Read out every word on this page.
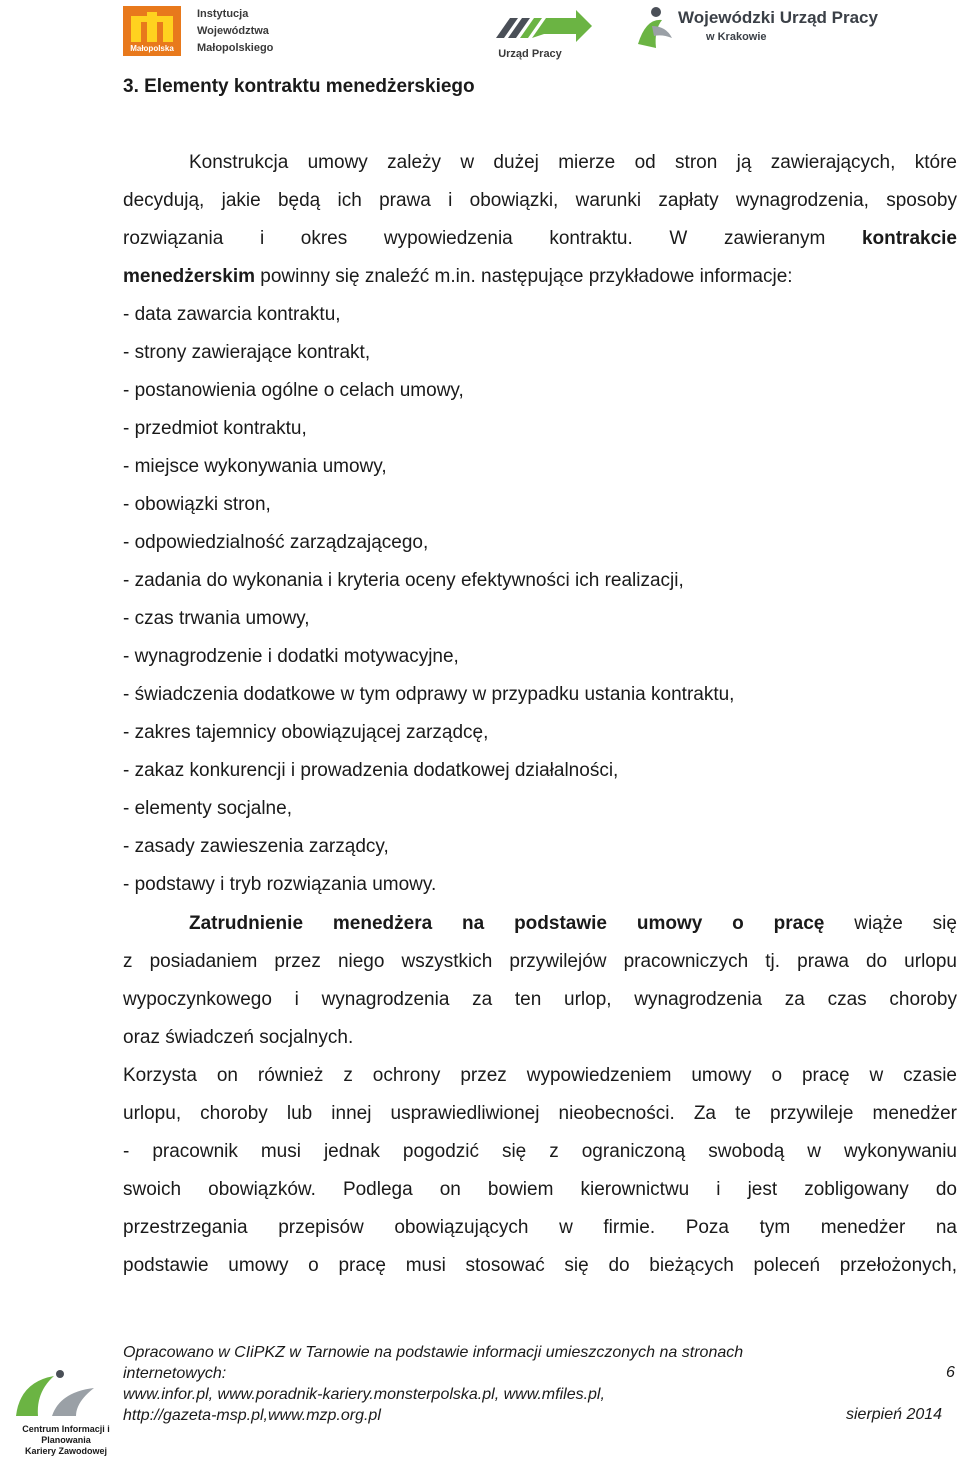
Małopolska
Instytucja
Województwa
Małopolskiego	Urząd Pracy
Wojewódzki Urząd Pracy
w Krakowie
3. Elementy kontraktu menedżerskiego

Konstrukcja umowy zależy w dużej mierze od stron ją zawierających, które

decydują, jakie będą ich prawa i obowiązki, warunki zapłaty wynagrodzenia, sposoby

rozwiązania i okres wypowiedzenia kontraktu. W zawieranym kontrakcie

menedżerskim powinny się znaleźć m.in. następujące przykładowe informacje:

- data zawarcia kontraktu,

- strony zawierające kontrakt,

- postanowienia ogólne o celach umowy,

- przedmiot kontraktu,

- miejsce wykonywania umowy,

- obowiązki stron,

- odpowiedzialność zarządzającego,

- zadania do wykonania i kryteria oceny efektywności ich realizacji,

- czas trwania umowy,

- wynagrodzenie i dodatki motywacyjne,

- świadczenia dodatkowe w tym odprawy w przypadku ustania kontraktu,

- zakres tajemnicy obowiązującej zarządcę,

- zakaz konkurencji i prowadzenia dodatkowej działalności,

- elementy socjalne,

- zasady zawieszenia zarządcy,

- podstawy i tryb rozwiązania umowy.

Zatrudnienie menedżera na podstawie umowy o pracę wiąże się

z posiadaniem przez niego wszystkich przywilejów pracowniczych tj. prawa do urlopu

wypoczynkowego i wynagrodzenia za ten urlop, wynagrodzenia za czas choroby

oraz świadczeń socjalnych.

Korzysta on również z ochrony przez wypowiedzeniem umowy o pracę w czasie

urlopu, choroby lub innej usprawiedliwionej nieobecności. Za te przywileje menedżer

- pracownik musi jednak pogodzić się z ograniczoną swobodą w wykonywaniu

swoich obowiązków. Podlega on bowiem kierownictwu i jest zobligowany do

przestrzegania przepisów obowiązujących w firmie. Poza tym menedżer na

podstawie umowy o pracę musi stosować się do bieżących poleceń przełożonych,

Centrum Informacji i Planowania
Kariery Zawodowej
Opracowano w CIiPKZ w Tarnowie na podstawie informacji umieszczonych na stronach
internetowych:
www.infor.pl, www.poradnik-kariery.monsterpolska.pl, www.mfiles.pl,
http://gazeta-msp.pl,www.mzp.org.pl
6
sierpień 2014
